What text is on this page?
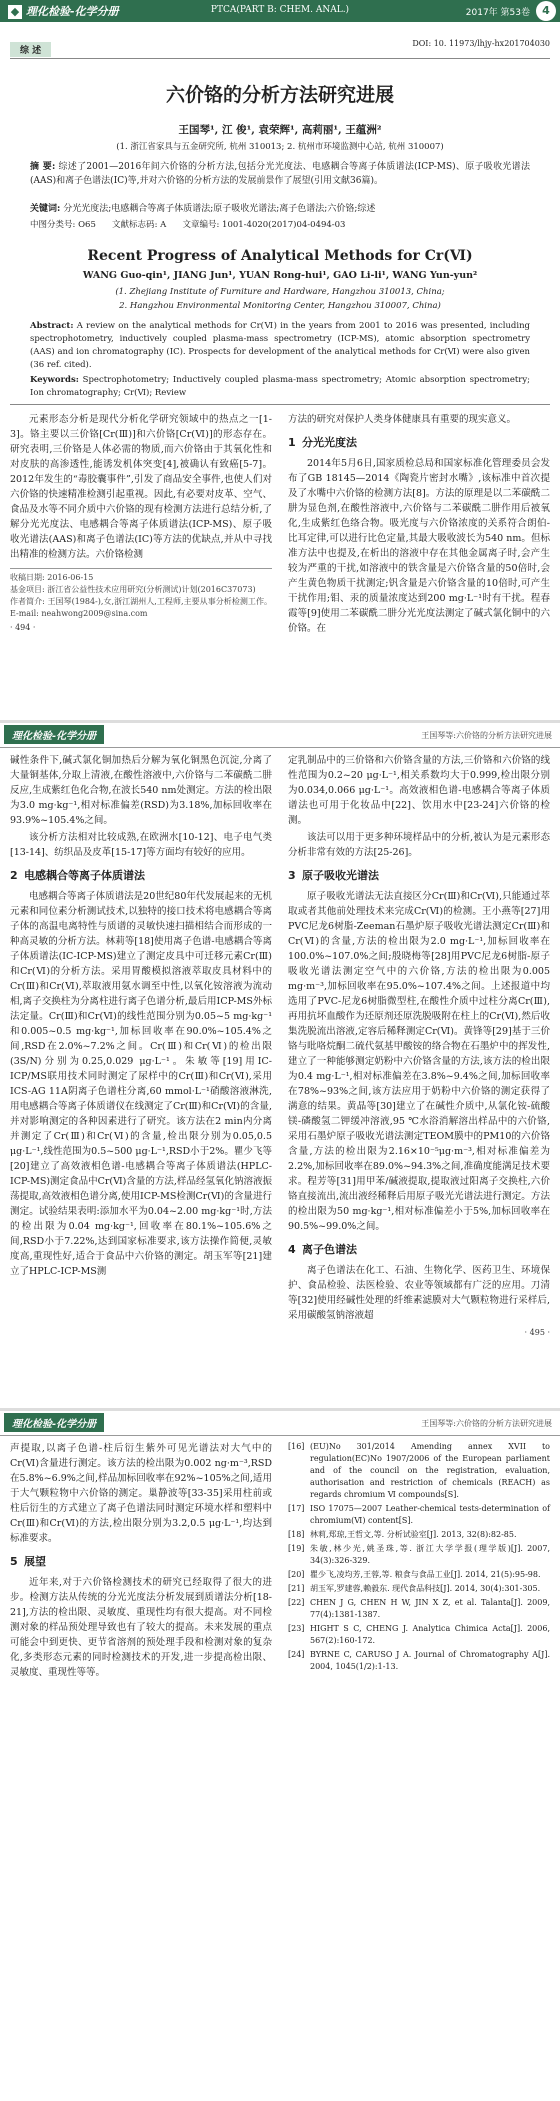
◆ 理化检验-化学分册	PTCA(PART B: CHEM. ANAL.)	2017年 第53卷	4
综 述
DOI: 10. 11973/lhjy-hx201704030
六价铬的分析方法研究进展
王国琴¹, 江 俊¹, 袁荣辉¹, 高莉丽¹, 王蕴洲²
(1. 浙江省家具与五金研究所, 杭州 310013; 2. 杭州市环境监测中心站, 杭州 310007)
摘 要: 综述了2001—2016年间六价铬的分析方法,包括分光光度法、电感耦合等离子体质谱法(ICP-MS)、原子吸收光谱法(AAS)和离子色谱法(IC)等,并对六价铬的分析方法的发展前景作了展望(引用文献36篇)。
关键词: 分光光度法;电感耦合等离子体质谱法;原子吸收光谱法;离子色谱法;六价铬;综述
中图分类号: O65      文献标志码: A      文章编号: 1001-4020(2017)04-0494-03
Recent Progress of Analytical Methods for Cr(Ⅵ)
WANG Guo-qin¹, JIANG Jun¹, YUAN Rong-hui¹, GAO Li-li¹, WANG Yun-yun²
(1. Zhejiang Institute of Furniture and Hardware, Hangzhou 310013, China;
2. Hangzhou Environmental Monitoring Center, Hangzhou 310007, China)
Abstract: A review on the analytical methods for Cr(Ⅵ) in the years from 2001 to 2016 was presented, including spectrophotometry, inductively coupled plasma-mass spectrometry (ICP-MS), atomic absorption spectrometry (AAS) and ion chromatography (IC). Prospects for development of the analytical methods for Cr(Ⅵ) were also given (36 ref. cited).
Keywords: Spectrophotometry; Inductively coupled plasma-mass spectrometry; Atomic absorption spectrometry; Ion chromatography; Cr(Ⅵ); Review

元素形态分析是现代分析化学研究领域中的热点之一[1-3]。铬主要以三价铬[Cr(Ⅲ)]和六价铬[Cr(Ⅵ)]的形态存在。研究表明,三价铬是人体必需的物质,而六价铬由于其氧化性和对皮肤的高渗透性,能诱发机体突变[4],被确认有致癌[5-7]。2012年发生的“毒胶囊事件”,引发了商品安全事件,也使人们对六价铬的快速精准检测引起重视。因此,有必要对皮革、空气、食品及水等不同介质中六价铬的现有检测方法进行总结分析,了解分光光度法、电感耦合等离子体质谱法(ICP-MS)、原子吸收光谱法(AAS)和离子色谱法(IC)等方法的优缺点,并从中寻找出精准的检测方法。六价铬检测

收稿日期: 2016-06-15
基金项目: 浙江省公益性技术应用研究(分析测试)计划(2016C37073)
作者简介: 王国琴(1984-),女,浙江湖州人,工程师,主要从事分析检测工作。E-mail: neahwong2009@sina.com
· 494 ·

方法的研究对保护人类身体健康具有重要的现实意义。

1 分光光度法

2014年5月6日,国家质检总局和国家标准化管理委员会发布了GB 18145—2014《陶瓷片密封水嘴》,该标准中首次提及了水嘴中六价铬的检测方法[8]。方法的原理是以二苯碳酰二肼为显色剂,在酸性溶液中,六价铬与二苯碳酰二肼作用后被氧化,生成紫红色络合物。吸光度与六价铬浓度的关系符合朗伯-比耳定律,可以进行比色定量,其最大吸收波长为540 nm。但标准方法中也提及,在析出的溶液中存在其他金属离子时,会产生较为严重的干扰,如溶液中的铁含量是六价铬含量的50倍时,会产生黄色物质干扰测定;钒含量是六价铬含量的10倍时,可产生干扰作用;钼、汞的质量浓度达到200 mg·L⁻¹时有干扰。程春霞等[9]使用二苯碳酰二肼分光光度法测定了碱式氯化铜中的六价铬。在

理化检验-化学分册	王国琴等:六价铬的分析方法研究进展

碱性条件下,碱式氯化铜加热后分解为氧化铜黑色沉淀,分离了大量铜基体,分取上清液,在酸性溶液中,六价铬与二苯碳酰二肼反应,生成紫红色化合物,在波长540 nm处测定。方法的检出限为3.0 mg·kg⁻¹,相对标准偏差(RSD)为3.18%,加标回收率在93.9%~105.4%之间。

该分析方法相对比较成熟,在欧洲水[10-12]、电子电气类[13-14]、纺织品及皮革[15-17]等方面均有较好的应用。

2 电感耦合等离子体质谱法

电感耦合等离子体质谱法是20世纪80年代发展起来的无机元素和同位素分析测试技术,以独特的接口技术将电感耦合等离子体的高温电离特性与质谱的灵敏快速扫描相结合而形成的一种高灵敏的分析方法。林莉等[18]使用离子色谱-电感耦合等离子体质谱法(IC-ICP-MS)建立了测定皮具中可迁移元素Cr(Ⅲ)和Cr(Ⅵ)的分析方法。采用胃酸模拟溶液萃取皮具材料中的Cr(Ⅲ)和Cr(Ⅵ),萃取液用氨水调至中性,以氧化铵溶液为流动相,离子交换柱为分离柱进行离子色谱分析,最后用ICP-MS外标法定量。Cr(Ⅲ)和Cr(Ⅵ)的线性范围分别为0.05~5 mg·kg⁻¹和0.005~0.5 mg·kg⁻¹,加标回收率在90.0%~105.4%之间,RSD在2.0%~7.2%之间。Cr(Ⅲ)和Cr(Ⅵ)的检出限(3S/N)分别为0.25,0.029 μg·L⁻¹。朱敏等[19]用IC-ICP/MS联用技术同时测定了尿样中的Cr(Ⅲ)和Cr(Ⅵ),采用ICS-AG 11A阴离子色谱柱分离,60 mmol·L⁻¹硝酸溶液淋洗,用电感耦合等离子体质谱仪在线测定了Cr(Ⅲ)和Cr(Ⅵ)的含量,并对影响测定的各种因素进行了研究。该方法在2 min内分离并测定了Cr(Ⅲ)和Cr(Ⅵ)的含量,检出限分别为0.05,0.5 μg·L⁻¹,线性范围为0.5~500 μg·L⁻¹,RSD小于2%。瞿少飞等[20]建立了高效液相色谱-电感耦合等离子体质谱法(HPLC-ICP-MS)测定食品中Cr(Ⅵ)含量的方法,样品经氢氧化钠溶液振荡提取,高效液相色谱分离,使用ICP-MS检测Cr(Ⅵ)的含量进行测定。试验结果表明:添加水平为0.04~2.00 mg·kg⁻¹时,方法的检出限为0.04 mg·kg⁻¹,回收率在80.1%~105.6%之间,RSD小于7.22%,达到国家标准要求,该方法操作简便,灵敏度高,重现性好,适合于食品中六价铬的测定。胡玉军等[21]建立了HPLC-ICP-MS测

定乳制品中的三价铬和六价铬含量的方法,三价铬和六价铬的线性范围为0.2~20 μg·L⁻¹,相关系数均大于0.999,检出限分别为0.034,0.066 μg·L⁻¹。高效液相色谱-电感耦合等离子体质谱法也可用于化妆品中[22]、饮用水中[23-24]六价铬的检测。

该法可以用于更多种环境样品中的分析,被认为是元素形态分析非常有效的方法[25-26]。

3 原子吸收光谱法

原子吸收光谱法无法直接区分Cr(Ⅲ)和Cr(Ⅵ),只能通过萃取或者其他前处理技术来完成Cr(Ⅵ)的检测。王小燕等[27]用PVC尼龙6树脂-Zeeman石墨炉原子吸收光谱法测定Cr(Ⅲ)和Cr(Ⅵ)的含量,方法的检出限为2.0 mg·L⁻¹,加标回收率在100.0%~107.0%之间;殷晓梅等[28]用PVC尼龙6树脂-原子吸收光谱法测定空气中的六价铬,方法的检出限为0.005 mg·m⁻³,加标回收率在95.0%~107.4%之间。上述报道中均选用了PVC-尼龙6树脂微型柱,在酸性介质中过柱分离Cr(Ⅲ),再用抗坏血酸作为还原剂还原洗脱吸附在柱上的Cr(Ⅵ),然后收集洗脱流出溶液,定容后稀释测定Cr(Ⅵ)。黄锋等[29]基于三价铬与吡咯烷酮二硫代氨基甲酸铵的络合物在石墨炉中的挥发性,建立了一种能够测定奶粉中六价铬含量的方法,该方法的检出限为0.4 mg·L⁻¹,相对标准偏差在3.8%~9.4%之间,加标回收率在78%~93%之间,该方法应用于奶粉中六价铬的测定获得了满意的结果。黄晶等[30]建立了在碱性介质中,从氯化铵-硫酸镁-磷酸氢二钾缓冲溶液,95 ℃水浴消解溶出样品中的六价铬,采用石墨炉原子吸收光谱法测定TEOM膜中的PM10的六价铬含量,方法的检出限为2.16×10⁻⁵μg·m⁻³,相对标准偏差为2.2%,加标回收率在89.0%~94.3%之间,准确度能满足技术要求。程芳等[31]用甲苯/碱液提取,提取液过阳离子交换柱,六价铬直接流出,流出液经稀释后用原子吸光光谱法进行测定。方法的检出限为50 mg·kg⁻¹,相对标准偏差小于5%,加标回收率在90.5%~99.0%之间。

4 离子色谱法

离子色谱法在化工、石油、生物化学、医药卫生、环境保护、食品检验、法医检验、农业等领域都有广泛的应用。刀清等[32]使用经碱性处理的纤维素滤膜对大气颗粒物进行采样后,采用碳酸氢钠溶液超

· 495 ·
理化检验-化学分册	王国琴等:六价铬的分析方法研究进展

声提取,以离子色谱-柱后衍生紫外可见光谱法对大气中的Cr(Ⅵ)含量进行测定。该方法的检出限为0.002 ng·m⁻³,RSD在5.8%~6.9%之间,样品加标回收率在92%~105%之间,适用于大气颗粒物中六价铬的测定。巢静波等[33-35]采用柱前或柱后衍生的方式建立了离子色谱法同时测定环境水样和塑料中Cr(Ⅲ)和Cr(Ⅵ)的方法,检出限分别为3.2,0.5 μg·L⁻¹,均达到标准要求。

5 展望

近年来,对于六价铬检测技术的研究已经取得了很大的进步。检测方法从传统的分光光度法分析发展到质谱法分析[18-21],方法的检出限、灵敏度、重现性均有很大提高。对不同检测对象的样品预处理导致也有了较大的提高。未来发展的重点可能会中到更快、更节省溶剂的预处理手段和检测对象的复杂化,多类形态元素的同时检测技术的开发,进一步提高检出限、灵敏度、重现性等等。

[16] (EU)No 301/2014 Amending annex XVII to regulation(EC)No 1907/2006 of the European parliament and of the council on the registration, evaluation, authorisation and restriction of chemicals (REACH) as regards chromium Ⅵ compounds[S].

[17] ISO 17075—2007 Leather-chemical tests-determination of chromium(Ⅵ) content[S].

[18] 林莉,郑琼,王哲文,等. 分析试验室[J]. 2013, 32(8):82-85.

[19] 朱敏,林少光,姚圣珠,等. 浙江大学学报(理学版)[J]. 2007, 34(3):326-329.

[20] 瞿少飞,凌均芳,王蓉,等. 粮食与食品工业[J]. 2014, 21(5):95-98.

[21] 胡玉军,罗建蓉,赖毅东. 现代食品科技[J]. 2014, 30(4):301-305.

[22] CHEN J G, CHEN H W, JIN X Z, et al. Talanta[J]. 2009, 77(4):1381-1387.

[23] HIGHT S C, CHENG J. Analytica Chimica Acta[J]. 2006, 567(2):160-172.

[24] BYRNE C, CARUSO J A. Journal of Chromatography A[J]. 2004, 1045(1/2):1-13.
